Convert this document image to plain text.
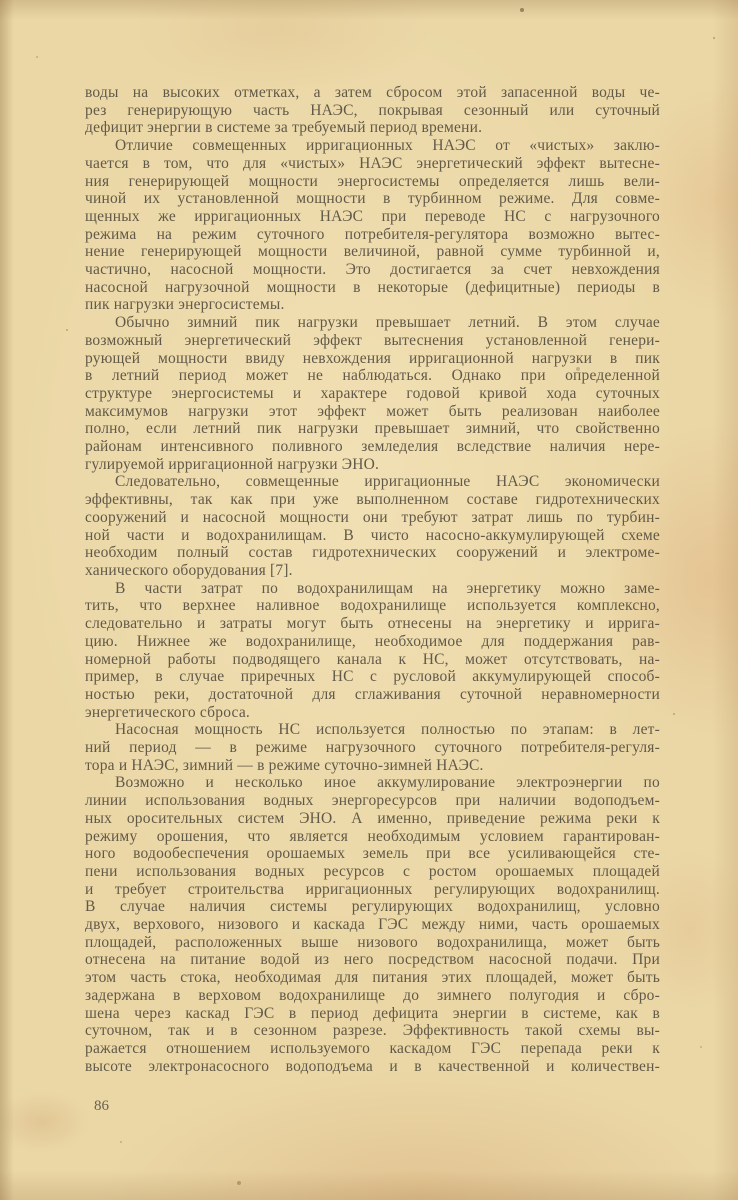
воды на высоких отметках, а затем сбросом этой запасенной воды че-
рез генерирующую часть НАЭС, покрывая сезонный или суточный
дефицит энергии в системе за требуемый период времени.
Отличие совмещенных ирригационных НАЭС от «чистых» заклю-
чается в том, что для «чистых» НАЭС энергетический эффект вытесне-
ния генерирующей мощности энергосистемы определяется лишь вели-
чиной их установленной мощности в турбинном режиме. Для совме-
щенных же ирригационных НАЭС при переводе НС с нагрузочного
режима на режим суточного потребителя-регулятора возможно вытес-
нение генерирующей мощности величиной, равной сумме турбинной и,
частично, насосной мощности. Это достигается за счет невхождения
насосной нагрузочной мощности в некоторые (дефицитные) периоды в
пик нагрузки энергосистемы.
Обычно зимний пик нагрузки превышает летний. В этом случае
возможный энергетический эффект вытеснения установленной генери-
рующей мощности ввиду невхождения ирригационной нагрузки в пик
в летний период может не наблюдаться. Однако при определенной
структуре энергосистемы и характере годовой кривой хода суточных
максимумов нагрузки этот эффект может быть реализован наиболее
полно, если летний пик нагрузки превышает зимний, что свойственно
районам интенсивного поливного земледелия вследствие наличия нере-
гулируемой ирригационной нагрузки ЭНО.
Следовательно, совмещенные ирригационные НАЭС экономически
эффективны, так как при уже выполненном составе гидротехнических
сооружений и насосной мощности они требуют затрат лишь по турбин-
ной части и водохранилищам. В чисто насосно-аккумулирующей схеме
необходим полный состав гидротехнических сооружений и электроме-
ханического оборудования [7].
В части затрат по водохранилищам на энергетику можно заме-
тить, что верхнее наливное водохранилище используется комплексно,
следовательно и затраты могут быть отнесены на энергетику и иррига-
цию. Нижнее же водохранилище, необходимое для поддержания рав-
номерной работы подводящего канала к НС, может отсутствовать, на-
пример, в случае приречных НС с русловой аккумулирующей способ-
ностью реки, достаточной для сглаживания суточной неравномерности
энергетического сброса.
Насосная мощность НС используется полностью по этапам: в лет-
ний период — в режиме нагрузочного суточного потребителя-регуля-
тора и НАЭС, зимний — в режиме суточно-зимней НАЭС.
Возможно и несколько иное аккумулирование электроэнергии по
линии использования водных энергоресурсов при наличии водоподъем-
ных оросительных систем ЭНО. А именно, приведение режима реки к
режиму орошения, что является необходимым условием гарантирован-
ного водообеспечения орошаемых земель при все усиливающейся сте-
пени использования водных ресурсов с ростом орошаемых площадей
и требует строительства ирригационных регулирующих водохранилищ.
В случае наличия системы регулирующих водохранилищ, условно
двух, верхового, низового и каскада ГЭС между ними, часть орошаемых
площадей, расположенных выше низового водохранилища, может быть
отнесена на питание водой из него посредством насосной подачи. При
этом часть стока, необходимая для питания этих площадей, может быть
задержана в верховом водохранилище до зимнего полугодия и сбро-
шена через каскад ГЭС в период дефицита энергии в системе, как в
суточном, так и в сезонном разрезе. Эффективность такой схемы вы-
ражается отношением используемого каскадом ГЭС перепада реки к
высоте электронасосного водоподъема и в качественной и количествен-
86
